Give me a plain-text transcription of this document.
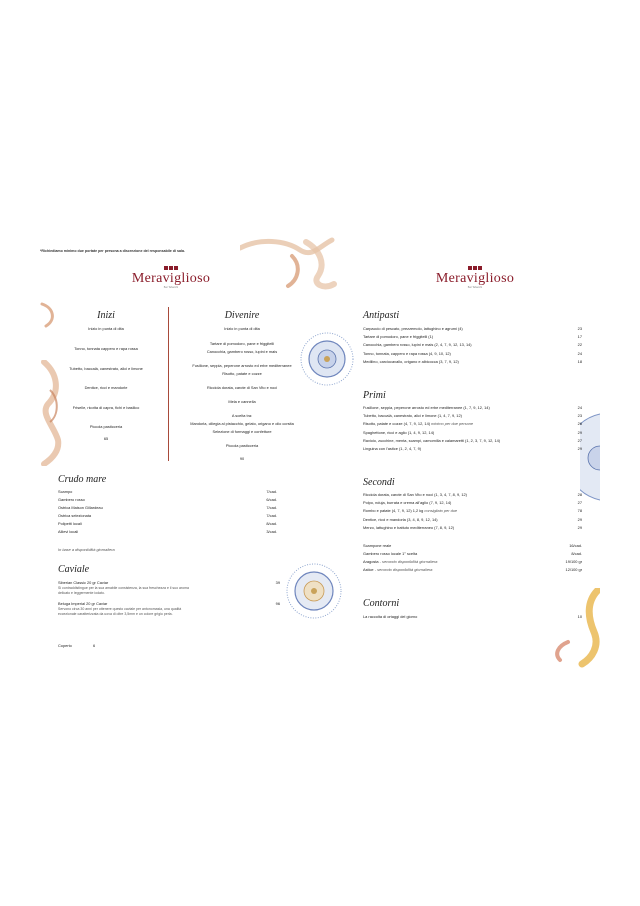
*Richiediamo minimo due portate per persona a discrezione del responsabile di sala.
Meraviglioso
Bar Tabacchi
Meraviglioso
Bar Tabacchi
Inizi
Inizio in punta di dita
Tonno, tonnata cappero e rapa rossa
Tubetto, baccalà, canestrato, alici e limone
Dentice, ricci e mandorle
Friselle, ricotta di capra, fichi e basilico
Piccola pasticceria
65
Divenire
Inizio in punta di dita
Tartare di pomodoro, pane e friggitelli
Canocchia, gambero rosso, lupini e mais
Fusillone, seppia, peperone arrosto ed erbe mediterranee
Risotto, patate e cozze
Ricciola dorata, carote di San Vito e noci
Mela e cannella
A scelta tra:
Mandorla, ciliegia al pistacchio, gelato, origano e olio corsita
Selezione di formaggi e confetture
Piccola pasticceria
90
Crudo mare
Scampo	7/cad.
Gambero rosso	6/cad.
Ostrica Maison Gillardeau	7/cad.
Ostrica selezionata	7/cad.
Polipetti locali	8/cad.
Allievi locali	3/cad.
In base a disponibilità giornaliera
Caviale
Siberian Classic 20 gr Caviar	39
Si contraddistingue per la sua amabile consistenza, la sua freschezza e il suo aroma
delicato e leggermente iodato.
Beluga Imperial 20 gr Caviar	96
Servono circa 30 anni per ottenere questo caviale per antonomasia, una qualità
eccezionale caratterizzata da uova di oltre 3,5mm e un colore grigio perla.
Coperto	6
Antipasti
Carpaccio di pescato, prezzemolo, lattughino e agrumi (4)	23
Tartare di pomodoro, pane e friggitelli (1)	17
Canocchia, gambero rosso, lupini e mais (2, 4, 7, 9, 12, 13, 14)	22
Tonno, tonnata, cappero e rapa rossa (4, 9, 10, 12)	24
Medilino, carciocavallo, origano e albicocca (3, 7, 9, 12)	18
Primi
Fusillone, seppia, peperone arrosto ed erbe mediterranee (1, 7, 9, 12, 14)	24
Tubetto, baccalà, canestrato, alici e limone (1, 4, 7, 9, 12)	23
Risotto, patate e cozze (4, 7, 9, 12, 14) minimo per due persone	26
Spaghettone, ricci e aglio (1, 4, 9, 12, 14)	29
Ravioio, zucchine, menta, scampi, camomilla e calamaretti (1, 2, 3, 7, 9, 12, 14)	27
Linguina con l'astice (1, 2, 4, 7, 9)	29
Secondi
Ricciola dorata, carote di San Vito e noci (1, 3, 4, 7, 8, 9, 12)	28
Polpo, nduja, burrata e crema all'aglio (7, 9, 12, 14)	27
Rombo e patate (4, 7, 9, 12) 1,2 kg consigliato per due	78
Dentice, ricci e mandorla (3, 4, 8, 9, 12, 14)	29
Merzo, lattughino e battuto mediterraneo (7, 8, 9, 12)	29
Scampone reale	16/cad.
Gambero rosso locale 1° scelta	8/cad.
Aragosta - secondo disponibilità giornaliera	19/100 gr
Astice - secondo disponibilità giornaliera	12/100 gr
Contorni
La raccolta di ortaggi del giorno	10
